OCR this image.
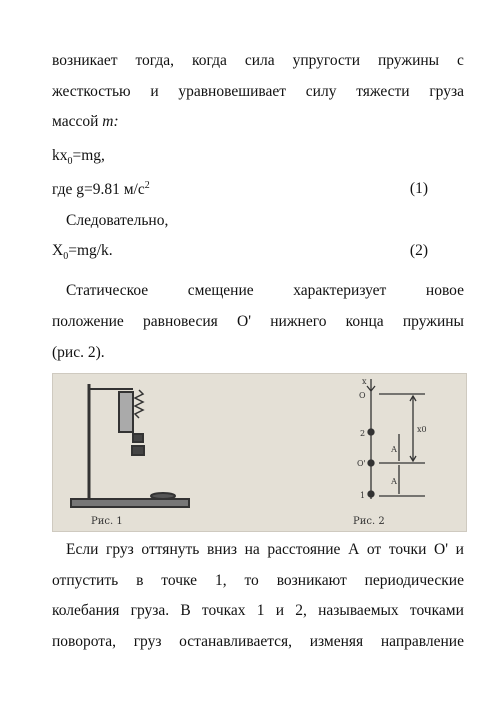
возникает тогда, когда сила упругости пружины с
жесткостью и уравновешивает силу тяжести груза
массой m:
$kx_0=mg$,
где g=9.81 $м/с^2$	(1)
Следовательно,
$X_0=mg/k$.	(2)
Статическое	смещение	характеризует	новое
положение равновесия О' нижнего конца пружины
(рис. 2).
Рис. 1
x
О
2
А
О'
А
1
x0
Рис. 2
Если груз оттянуть вниз на расстояние А от точки О' и
отпустить в точке 1, то возникают периодические
колебания груза. В точках 1 и 2, называемых точками
поворота, груз останавливается, изменяя направление
